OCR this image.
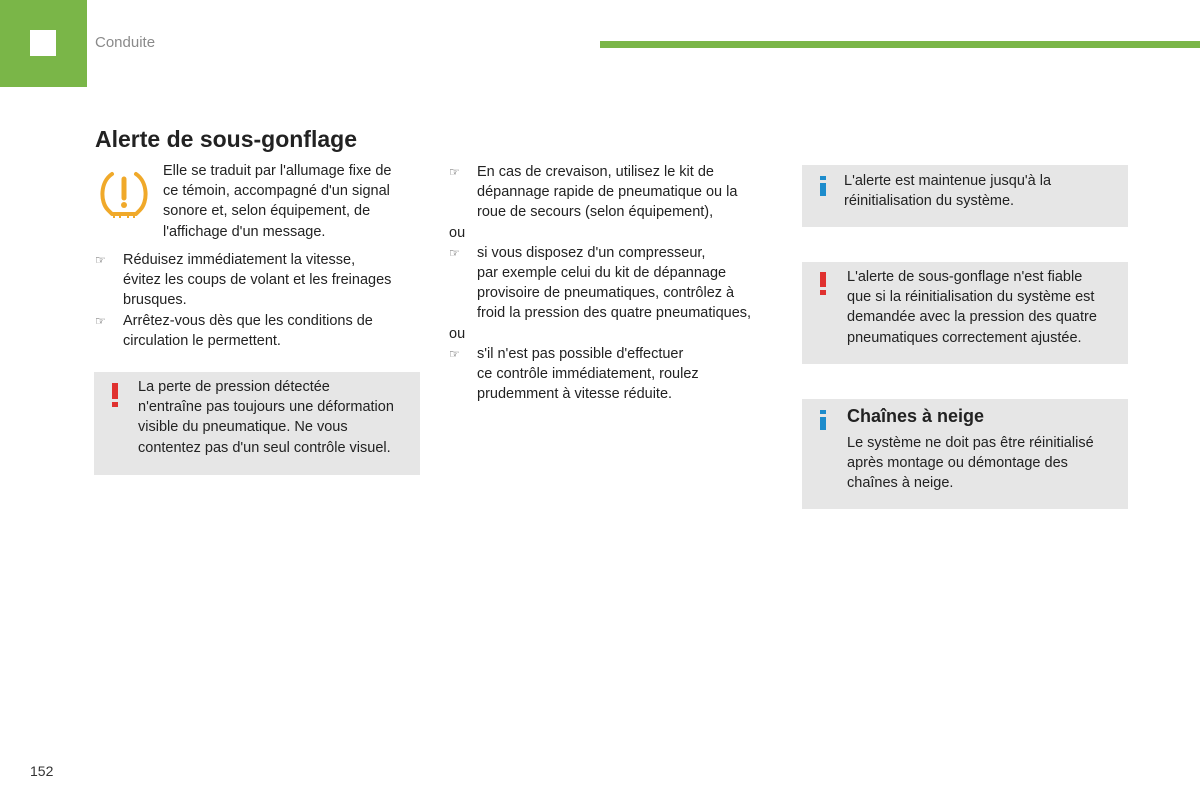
Conduite
Alerte de sous-gonflage

Elle se traduit par l'allumage fixe de

ce témoin, accompagné d'un signal

sonore et, selon équipement, de

l'affichage d'un message.

☞	Réduisez immédiatement la vitesse,

évitez les coups de volant et les freinages

brusques.

☞	Arrêtez-vous dès que les conditions de

circulation le permettent.

La perte de pression détectée

n'entraîne pas toujours une déformation

visible du pneumatique. Ne vous

contentez pas d'un seul contrôle visuel.

☞	En cas de crevaison, utilisez le kit de

dépannage rapide de pneumatique ou la

roue de secours (selon équipement),

ou

☞	si vous disposez d'un compresseur,

par exemple celui du kit de dépannage

provisoire de pneumatiques, contrôlez à

froid la pression des quatre pneumatiques,

ou

☞	s'il n'est pas possible d'effectuer

ce contrôle immédiatement, roulez

prudemment à vitesse réduite.

L'alerte est maintenue jusqu'à la

réinitialisation du système.

L'alerte de sous-gonflage n'est fiable

que si la réinitialisation du système est

demandée avec la pression des quatre

pneumatiques correctement ajustée.

Chaînes à neige

Le système ne doit pas être réinitialisé

après montage ou démontage des

chaînes à neige.

152
